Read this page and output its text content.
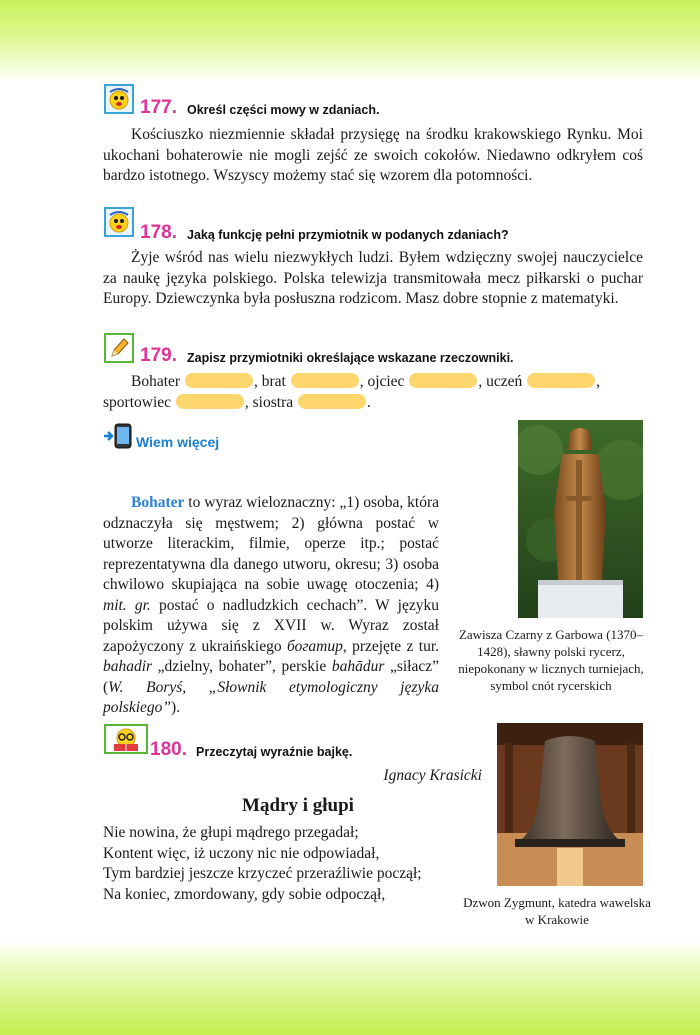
177. Określ części mowy w zdaniach.

Kościuszko niezmiennie składał przysięgę na środku krakowskiego Rynku. Moi ukochani bohaterowie nie mogli zejść ze swoich cokołów. Niedawno odkryłem coś bardzo istotnego. Wszyscy możemy stać się wzorem dla potomności.

178. Jaką funkcję pełni przymiotnik w podanych zdaniach?

Żyje wśród nas wielu niezwykłych ludzi. Byłem wdzięczny swojej nauczycielce za naukę języka polskiego. Polska telewizja transmitowała mecz piłkarski o puchar Europy. Dziewczynka była posłuszna rodzicom. Masz dobre stopnie z matematyki.

179. Zapisz przymiotniki określające wskazane rzeczowniki.
Bohater	, brat	, ojciec	, uczeń	,
sportowiec	, siostra	.
Wiem więcej

Bohater to wyraz wieloznaczny: „1) osoba, która odznaczyła się męstwem; 2) główna postać w utworze literackim, filmie, operze itp.; postać reprezentatywna dla danego utworu, okresu; 3) osoba chwilowo skupiająca na sobie uwagę otoczenia; 4) mit. gr. postać o nadludzkich cechach”. W języku polskim używa się z XVII w. Wyraz został zapożyczony z ukraińskiego богатир, przejęte z tur. bahadir „dzielny, bohater”, perskie bahādur „siłacz” (W. Boryś, „Słownik etymologiczny języka polskiego”).

Zawisza Czarny z Garbowa (1370–1428), sławny polski rycerz, niepokonany w licznych turniejach, symbol cnót rycerskich
180. Przeczytaj wyraźnie bajkę.
Ignacy Krasicki
Mądry i głupi
Nie nowina, że głupi mądrego przegadał;
Kontent więc, iż uczony nic nie odpowiadał,
Tym bardziej jeszcze krzyczeć przeraźliwie począł;
Na koniec, zmordowany, gdy sobie odpoczął,	Dzwon Zygmunt, katedra wawelska w Krakowie
